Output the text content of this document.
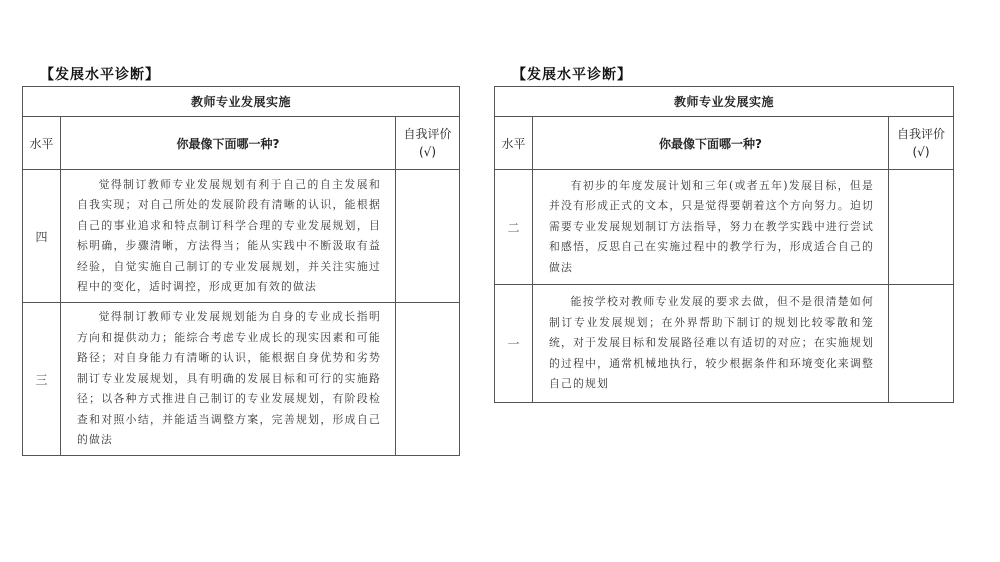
【发展水平诊断】
教师专业发展实施		
水平	你最像下面哪一种?	自我评价
(√)

四	觉得制订教师专业发展规划有利于自己的自主发展和自我实现；对自己所处的发展阶段有清晰的认识，能根据自己的事业追求和特点制订科学合理的专业发展规划，目标明确，步骤清晰，方法得当；能从实践中不断汲取有益经验，自觉实施自己制订的专业发展规划，并关注实施过程中的变化，适时调控，形成更加有效的做法	
三	觉得制订教师专业发展规划能为自身的专业成长指明方向和提供动力；能综合考虑专业成长的现实因素和可能路径；对自身能力有清晰的认识，能根据自身优势和劣势制订专业发展规划，具有明确的发展目标和可行的实施路径；以各种方式推进自己制订的专业发展规划，有阶段检查和对照小结，并能适当调整方案，完善规划，形成自己的做法	
【发展水平诊断】
教师专业发展实施		
水平	你最像下面哪一种?	自我评价
(√)

二	有初步的年度发展计划和三年(或者五年)发展目标，但是并没有形成正式的文本，只是觉得要朝着这个方向努力。迫切需要专业发展规划制订方法指导，努力在教学实践中进行尝试和感悟，反思自己在实施过程中的教学行为，形成适合自己的做法	
一	能按学校对教师专业发展的要求去做，但不是很清楚如何制订专业发展规划；在外界帮助下制订的规划比较零散和笼统，对于发展目标和发展路径难以有适切的对应；在实施规划的过程中，通常机械地执行，较少根据条件和环境变化来调整自己的规划	
